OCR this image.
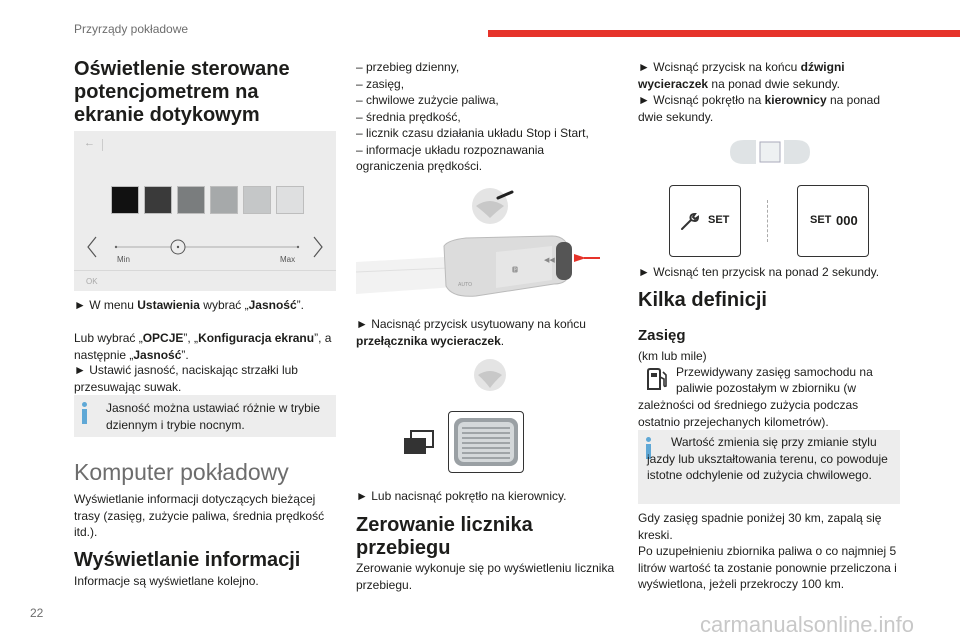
Przyrządy pokładowe
Oświetlenie sterowane potencjometrem na ekranie dotykowym
←
Min	Max
OK
► W menu Ustawienia wybrać „Jasność”.
Lub wybrać „OPCJE”, „Konfiguracja ekranu”, a następnie „Jasność”.
► Ustawić jasność, naciskając strzałki lub przesuwając suwak.
Jasność można ustawiać różnie w trybie dziennym i trybie nocnym.
Komputer pokładowy
Wyświetlanie informacji dotyczących bieżącej trasy (zasięg, zużycie paliwa, średnia prędkość itd.).
Wyświetlanie informacji
Informacje są wyświetlane kolejno.
– przebieg dzienny,
– zasięg,
– chwilowe zużycie paliwa,
– średnia prędkość,
– licznik czasu działania układu Stop i Start,
– informacje układu rozpoznawania
ograniczenia prędkości.
🅿
◀◀
AUTO
► Nacisnąć przycisk usytuowany na końcu przełącznika wycieraczek.
► Lub nacisnąć pokrętło na kierownicy.
Zerowanie licznika przebiegu
Zerowanie wykonuje się po wyświetleniu licznika przebiegu.
► Wcisnąć przycisk na końcu dźwigni wycieraczek na ponad dwie sekundy.
► Wcisnąć pokrętło na kierownicy na ponad dwie sekundy.
SET	SET 000
► Wcisnąć ten przycisk na ponad 2 sekundy.
Kilka definicji
Zasięg
(km lub mile)
Przewidywany zasięg samochodu na
paliwie pozostałym w zbiorniku (w
zależności od średniego zużycia podczas ostatnio przejechanych kilometrów).
Wartość zmienia się przy zmianie stylu jazdy lub ukształtowania terenu, co powoduje istotne odchylenie od zużycia chwilowego.
Gdy zasięg spadnie poniżej 30 km, zapalą się kreski.
Po uzupełnieniu zbiornika paliwa o co najmniej 5 litrów wartość ta zostanie ponownie przeliczona i wyświetlona, jeżeli przekroczy 100 km.
22	carmanualsonline.info
